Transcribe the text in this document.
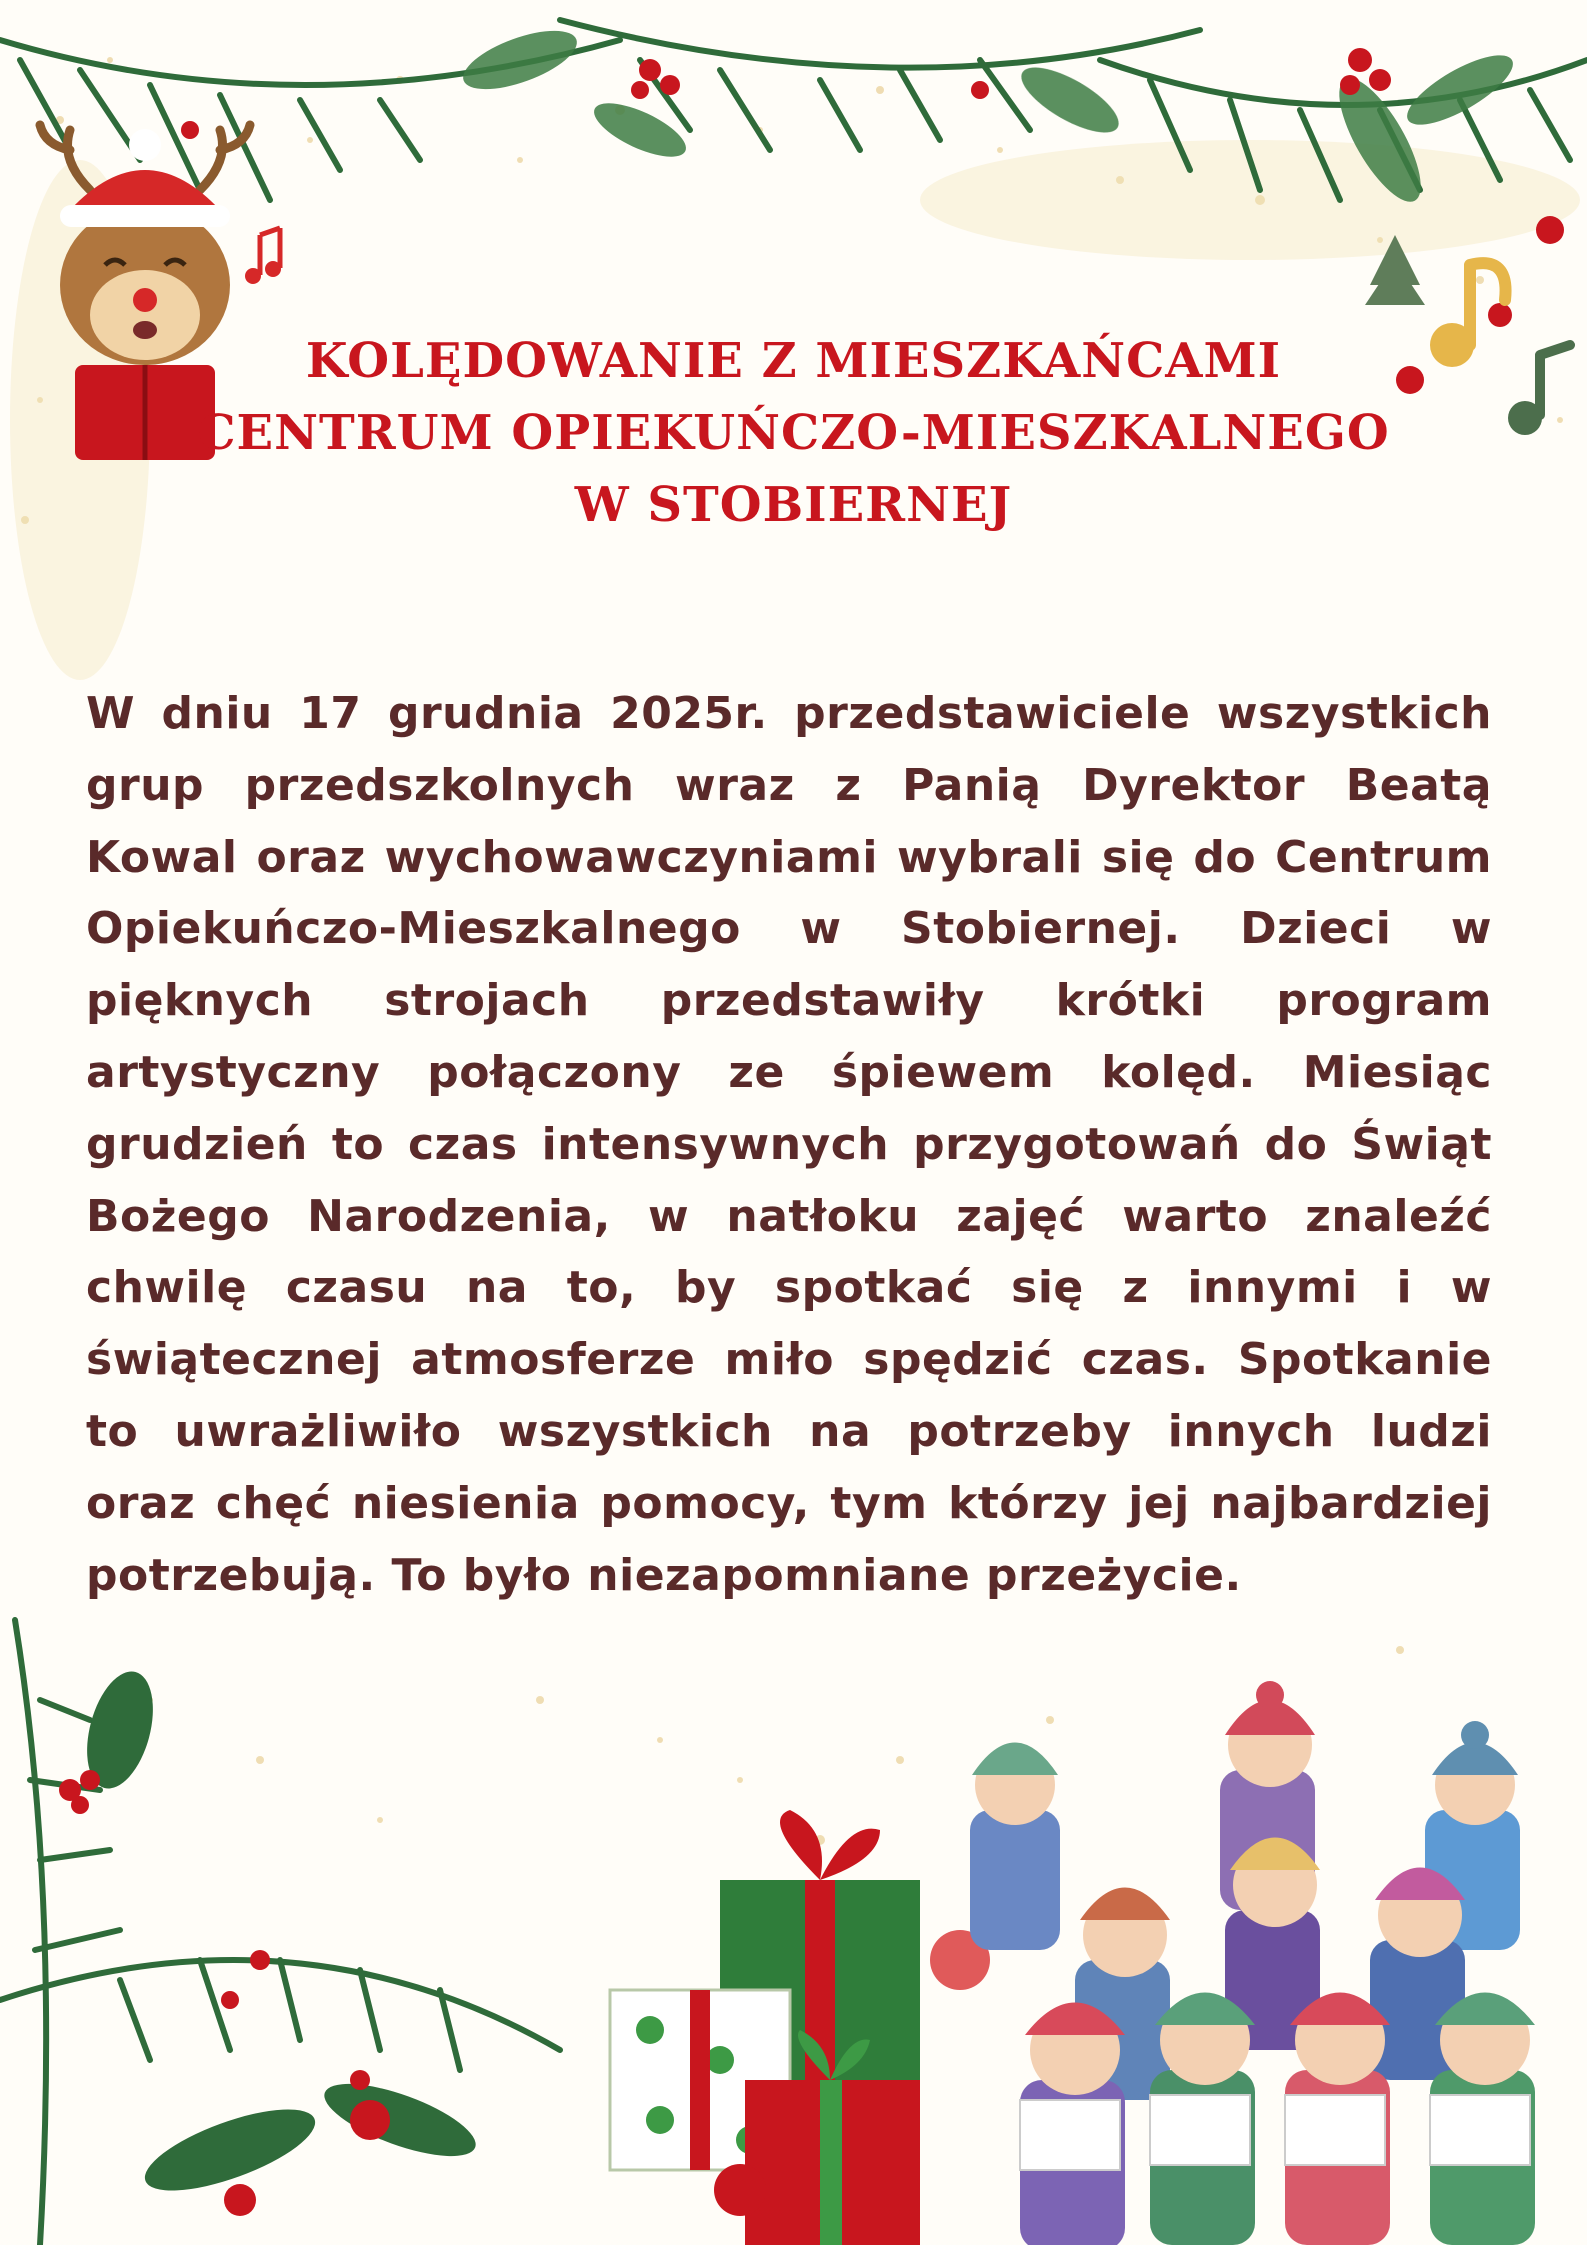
KOLĘDOWANIE Z MIESZKAŃCAMI
CENTRUM OPIEKUŃCZO-MIESZKALNEGO
W STOBIERNEJ
W dniu 17 grudnia 2025r. przedstawiciele wszystkich grup przedszkolnych wraz z Panią Dyrektor Beatą Kowal oraz wychowawczyniami wybrali się do Centrum Opiekuńczo-Mieszkalnego w Stobiernej. Dzieci w pięknych strojach przedstawiły krótki program artystyczny połączony ze śpiewem kolęd. Miesiąc grudzień to czas intensywnych przygotowań do Świąt Bożego Narodzenia, w natłoku zajęć warto znaleźć chwilę czasu na to, by spotkać się z innymi i w świątecznej atmosferze miło spędzić czas. Spotkanie to uwrażliwiło wszystkich na potrzeby innych ludzi oraz chęć niesienia pomocy, tym którzy jej najbardziej potrzebują. To było niezapomniane przeżycie.
